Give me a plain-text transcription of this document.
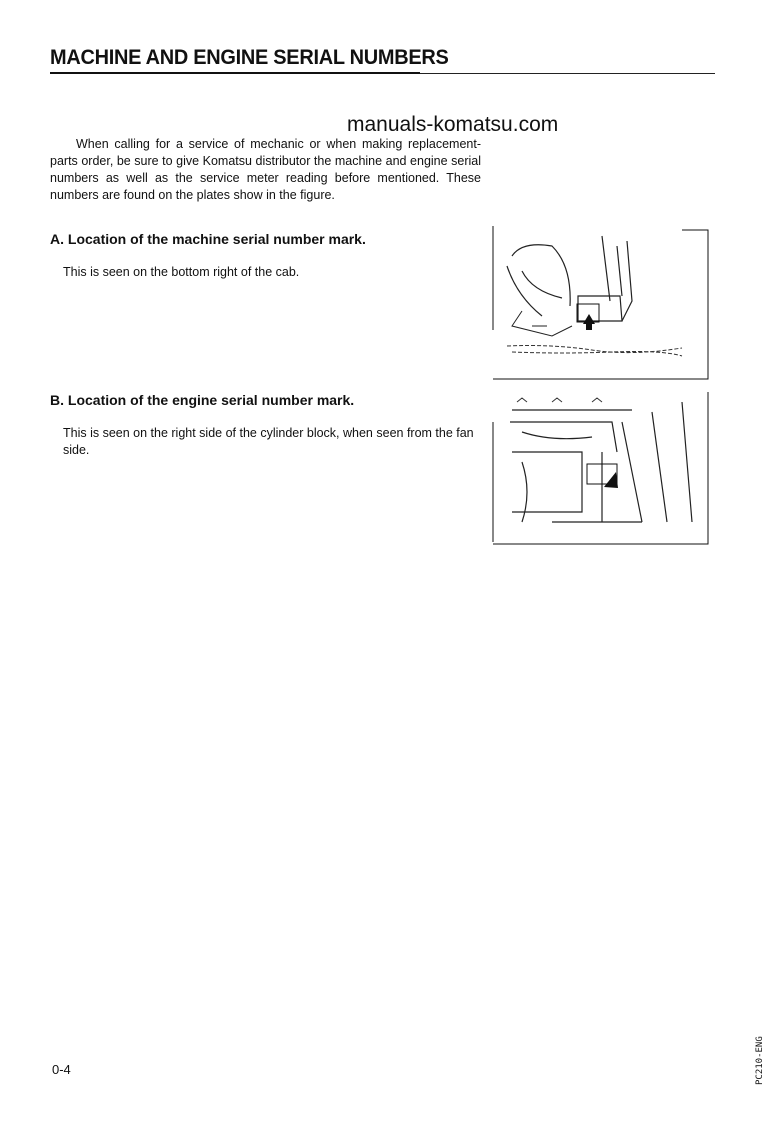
MACHINE AND ENGINE SERIAL NUMBERS
manuals-komatsu.com
When calling for a service of mechanic or when making replacement-parts order, be sure to give Komatsu distributor the machine and engine serial numbers as well as the service meter reading before mentioned. These numbers are found on the plates show in the figure.
A. Location of the machine serial number mark.
This is seen on the bottom right of the cab.
B. Location of the engine serial number mark.
This is seen on the right side of the cylinder block, when seen from the fan side.
0-4	PC210-ENG
